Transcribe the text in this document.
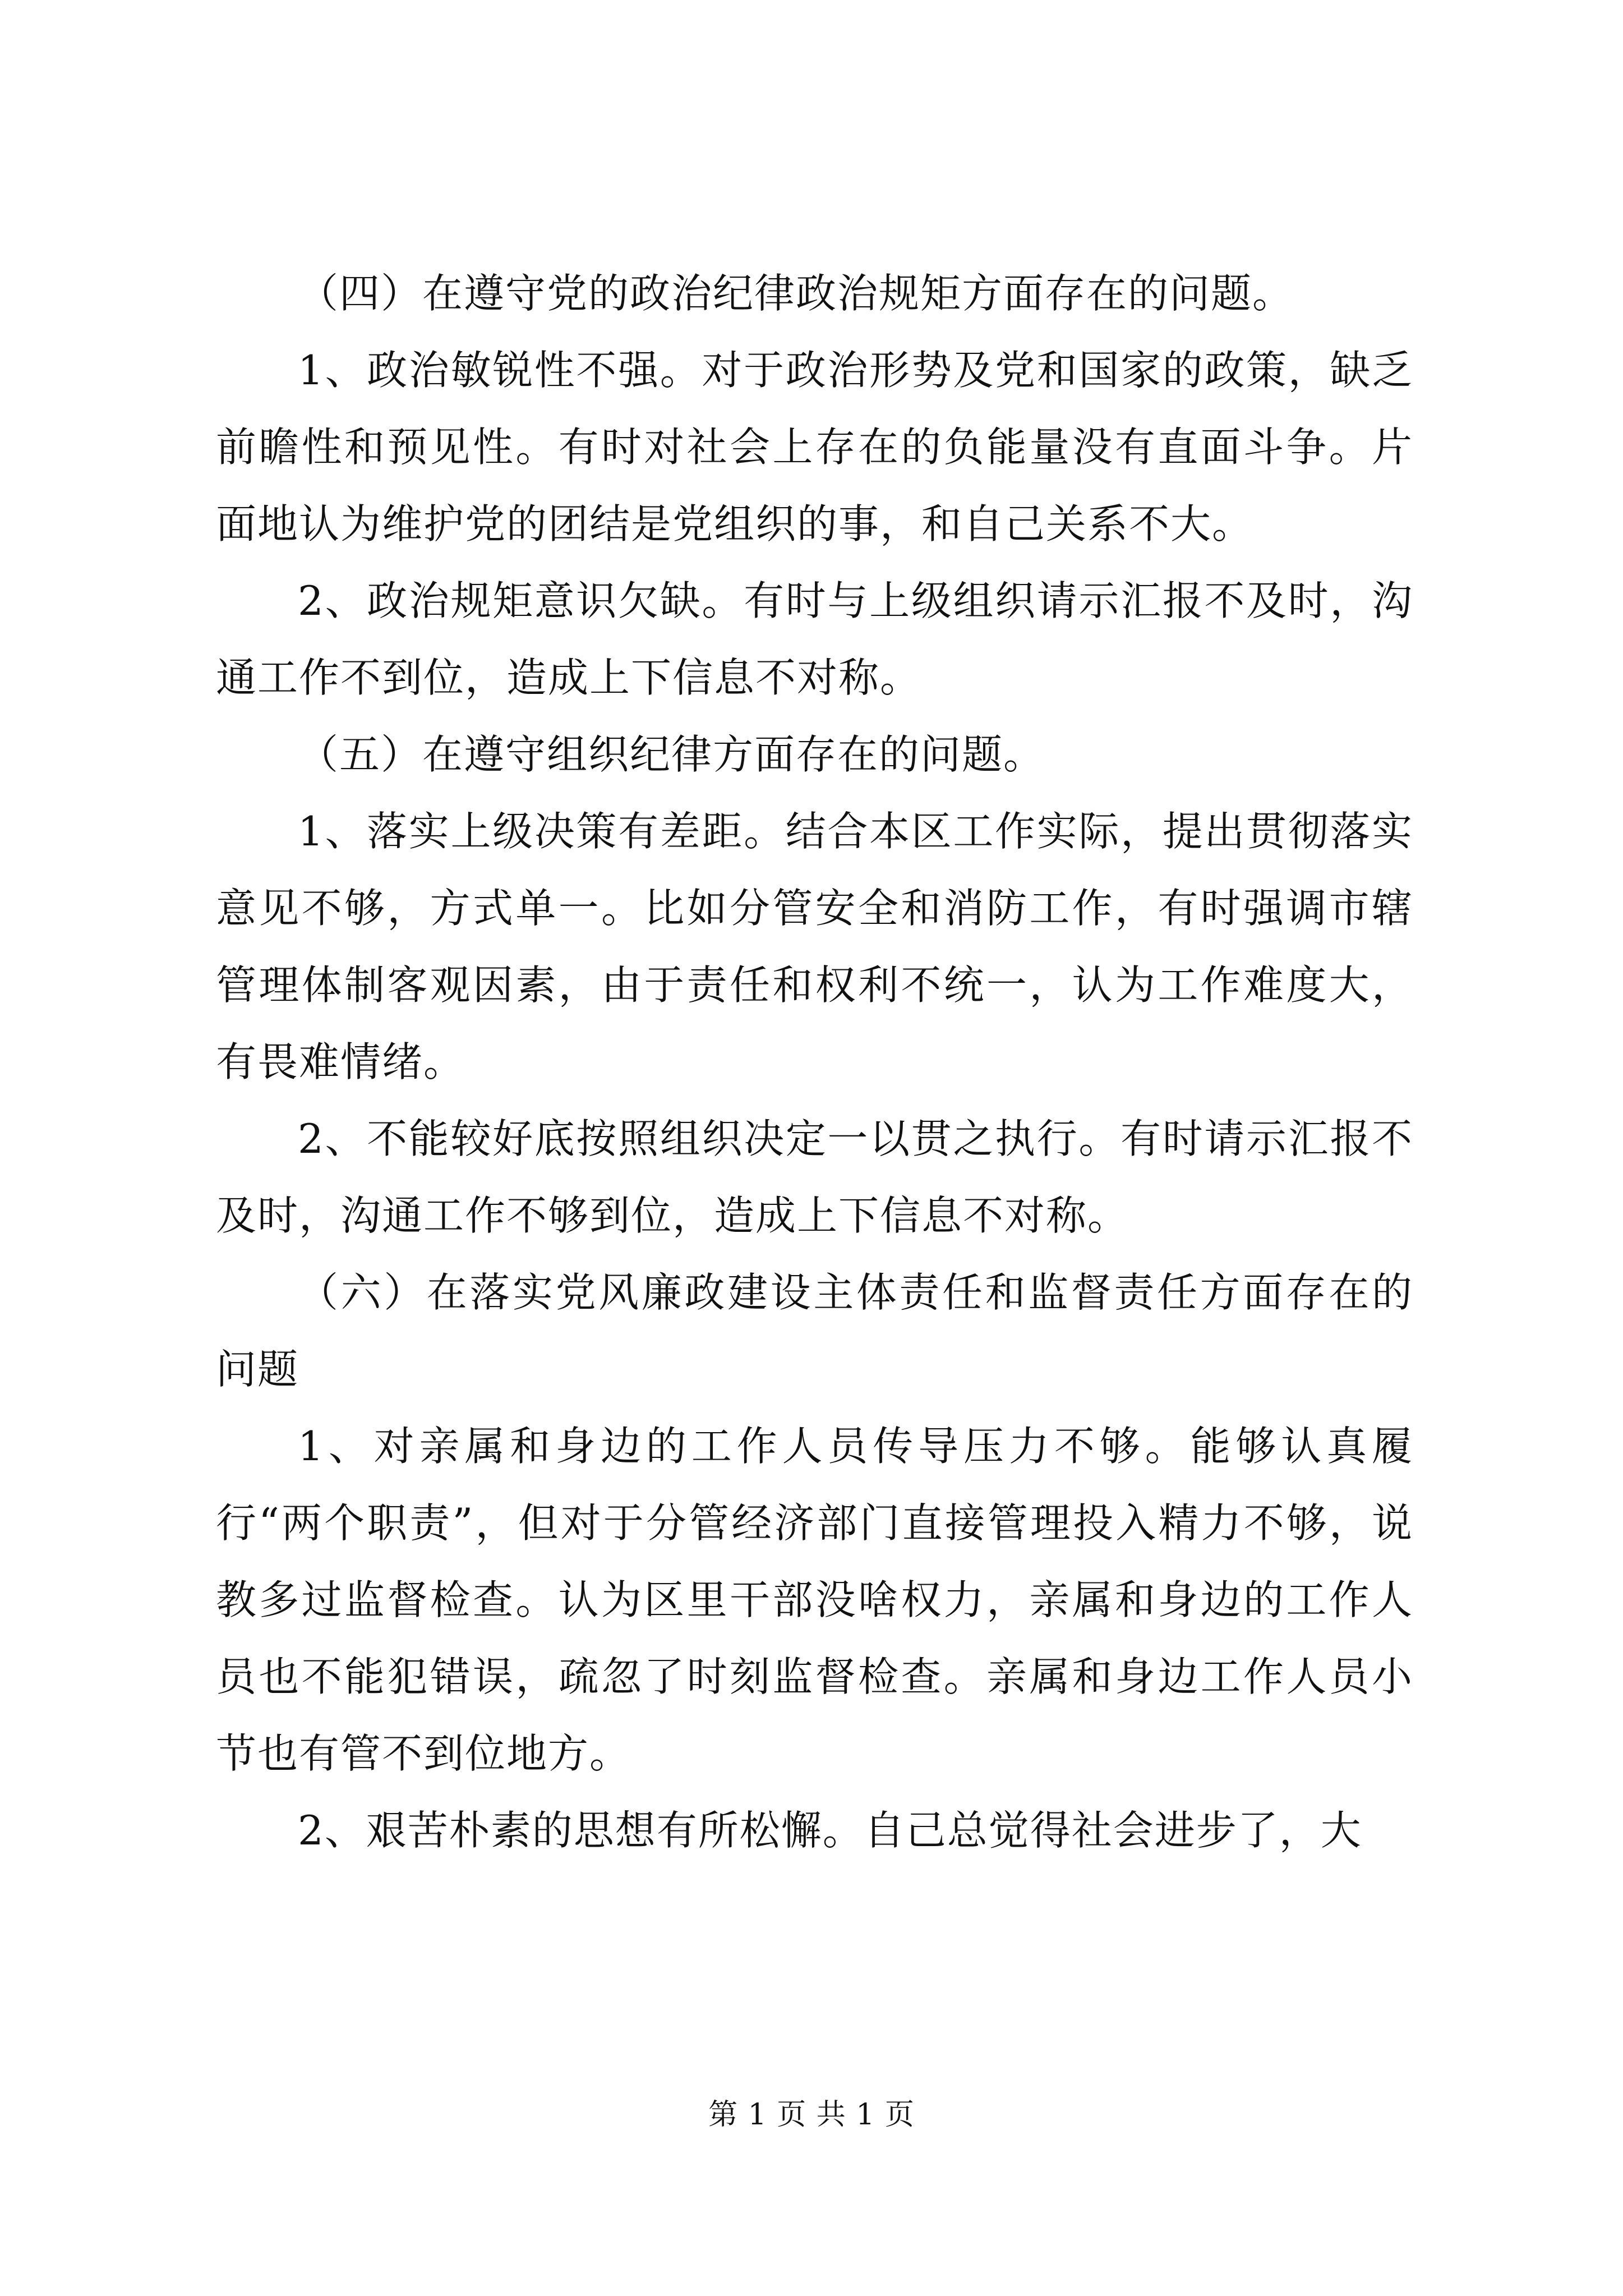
（四）在遵守党的政治纪律政治规矩方面存在的问题。

1、政治敏锐性不强。对于政治形势及党和国家的政策，缺乏前瞻性和预见性。有时对社会上存在的负能量没有直面斗争。片面地认为维护党的团结是党组织的事，和自己关系不大。

2、政治规矩意识欠缺。有时与上级组织请示汇报不及时，沟通工作不到位，造成上下信息不对称。

（五）在遵守组织纪律方面存在的问题。

1、落实上级决策有差距。结合本区工作实际，提出贯彻落实意见不够，方式单一。比如分管安全和消防工作，有时强调市辖管理体制客观因素，由于责任和权利不统一，认为工作难度大，有畏难情绪。

2、不能较好底按照组织决定一以贯之执行。有时请示汇报不及时，沟通工作不够到位，造成上下信息不对称。

（六）在落实党风廉政建设主体责任和监督责任方面存在的问题

1、对亲属和身边的工作人员传导压力不够。能够认真履行“两个职责”，但对于分管经济部门直接管理投入精力不够，说教多过监督检查。认为区里干部没啥权力，亲属和身边的工作人员也不能犯错误，疏忽了时刻监督检查。亲属和身边工作人员小节也有管不到位地方。

2、艰苦朴素的思想有所松懈。自己总觉得社会进步了，大

第 1 页 共 1 页
